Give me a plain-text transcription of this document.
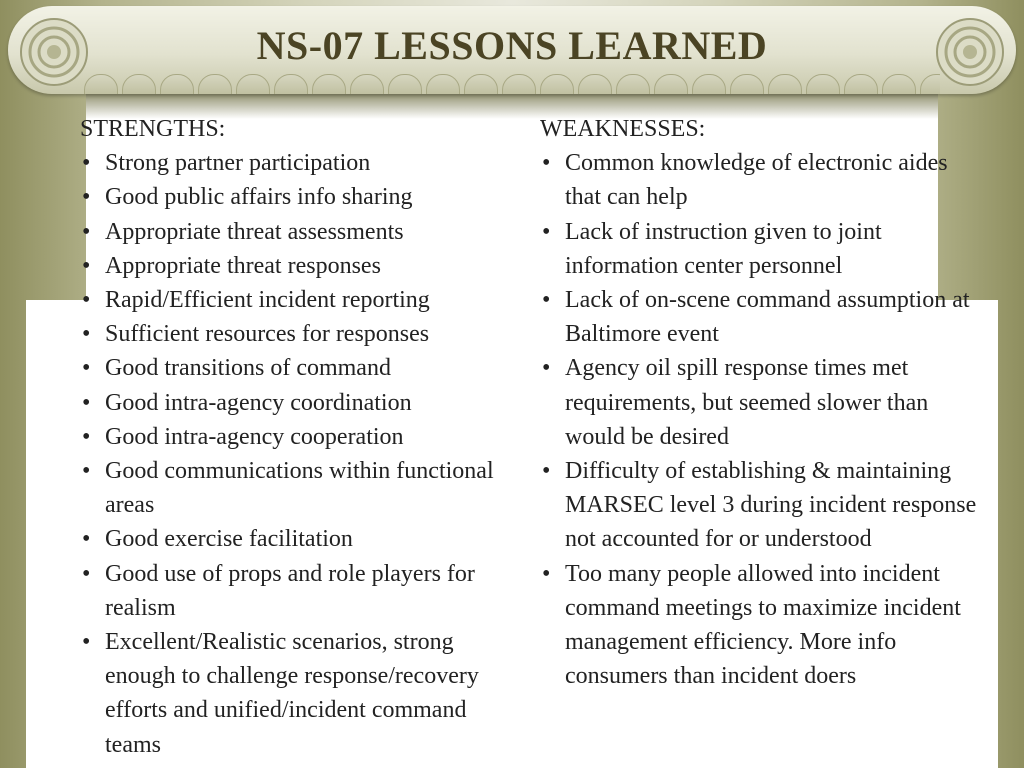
NS-07 LESSONS LEARNED
STRENGTHS:
• Strong partner participation
• Good public affairs info sharing
• Appropriate threat assessments
• Appropriate threat responses
• Rapid/Efficient incident reporting
• Sufficient resources for responses
• Good transitions of command
• Good intra-agency coordination
• Good intra-agency cooperation
• Good communications within functional areas
• Good exercise facilitation
• Good use of props and role players for realism
• Excellent/Realistic scenarios, strong enough to challenge response/recovery efforts and unified/incident command teams
WEAKNESSES:
• Common knowledge of electronic aides that can help
• Lack of instruction given to joint information center personnel
• Lack of on-scene command assumption at Baltimore event
• Agency oil spill response times met requirements, but seemed slower than would be desired
• Difficulty of establishing & maintaining MARSEC level 3 during incident response not accounted for or understood
• Too many people allowed into incident command meetings to maximize incident management efficiency. More info consumers than incident doers
